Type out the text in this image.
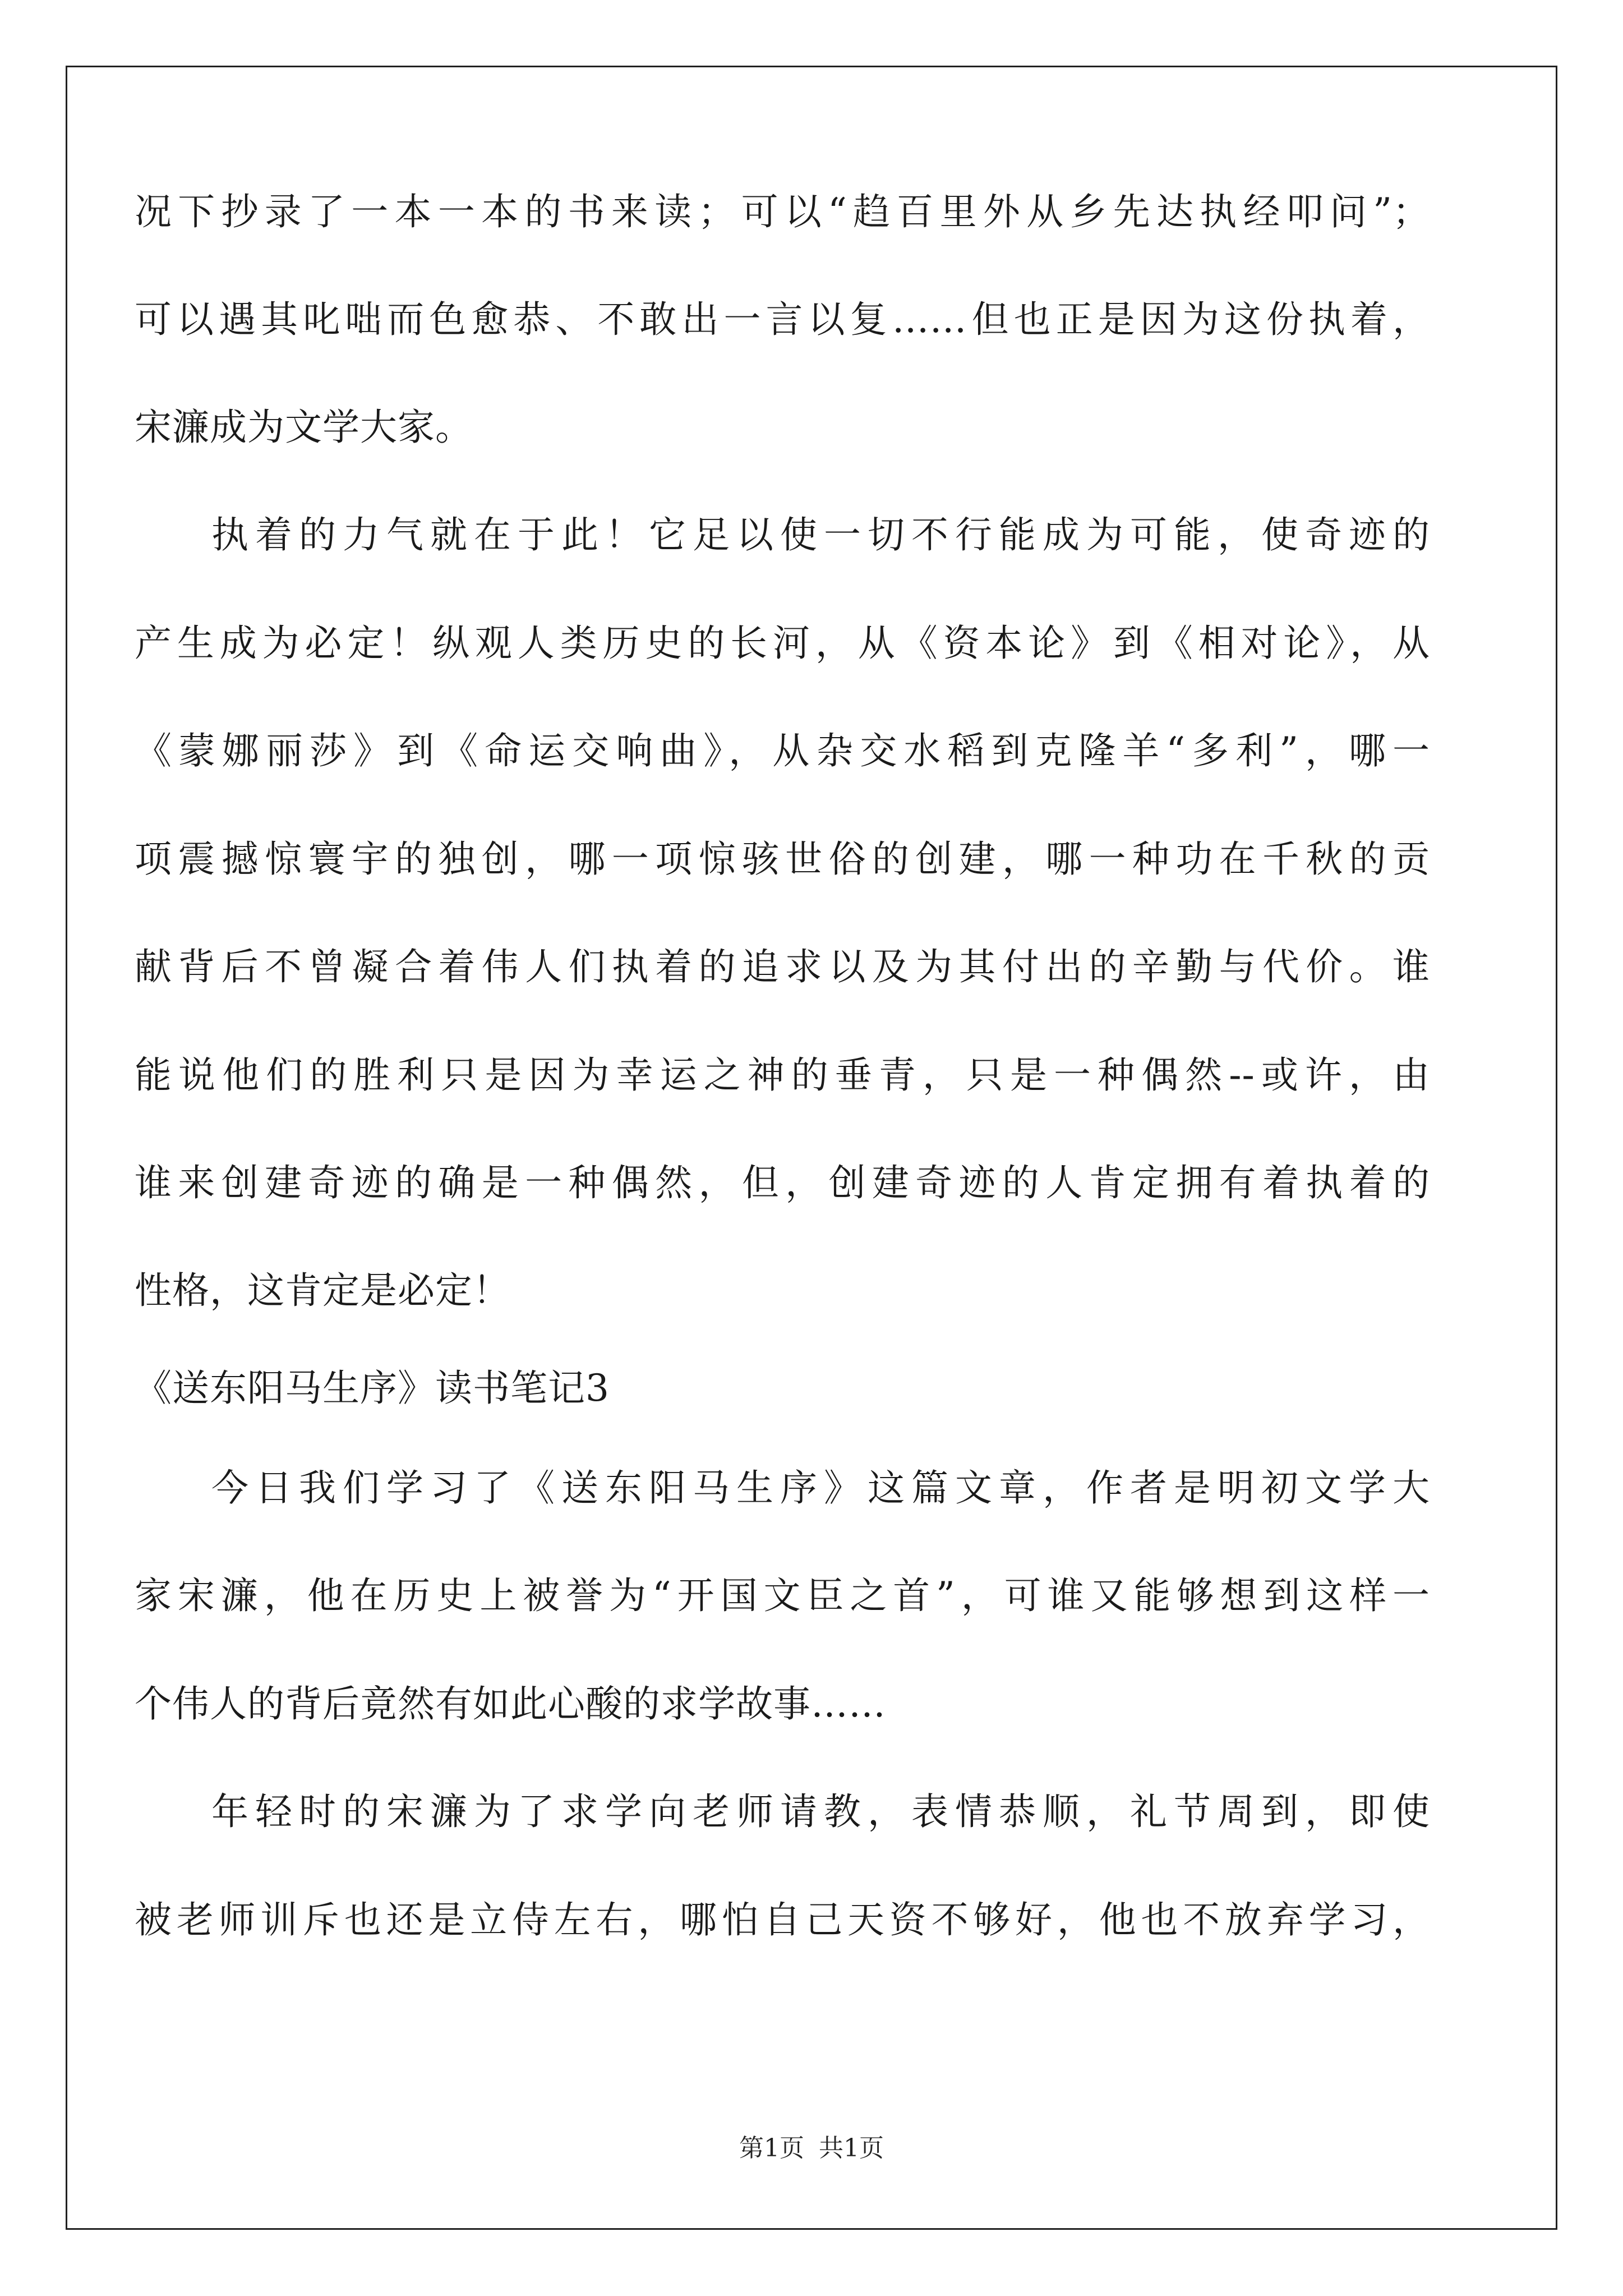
况下抄录了一本一本的书来读；可以“趋百里外从乡先达执经叩问”；
可以遇其叱咄而色愈恭、不敢出一言以复……但也正是因为这份执着，
宋濂成为文学大家。
执着的力气就在于此！它足以使一切不行能成为可能，使奇迹的
产生成为必定！纵观人类历史的长河，从《资本论》到《相对论》，从
《蒙娜丽莎》到《命运交响曲》，从杂交水稻到克隆羊“多利”，哪一
项震撼惊寰宇的独创，哪一项惊骇世俗的创建，哪一种功在千秋的贡
献背后不曾凝合着伟人们执着的追求以及为其付出的辛勤与代价。谁
能说他们的胜利只是因为幸运之神的垂青，只是一种偶然--或许，由
谁来创建奇迹的确是一种偶然，但，创建奇迹的人肯定拥有着执着的
性格，这肯定是必定！
《送东阳马生序》读书笔记3
今日我们学习了《送东阳马生序》这篇文章，作者是明初文学大
家宋濂，他在历史上被誉为“开国文臣之首”，可谁又能够想到这样一
个伟人的背后竟然有如此心酸的求学故事……
年轻时的宋濂为了求学向老师请教，表情恭顺，礼节周到，即使
被老师训斥也还是立侍左右，哪怕自己天资不够好，他也不放弃学习，
第1页 共1页
